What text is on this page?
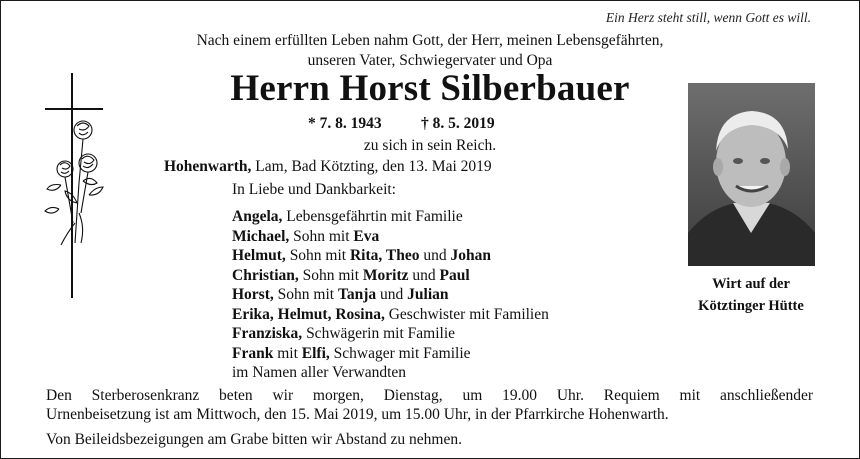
Ein Herz steht still, wenn Gott es will.
Nach einem erfüllten Leben nahm Gott, der Herr, meinen Lebensgefährten,
unseren Vater, Schwiegervater und Opa
Herrn Horst Silberbauer
* 7. 8. 1943	† 8. 5. 2019
zu sich in sein Reich.
Hohenwarth, Lam, Bad Kötzting, den 13. Mai 2019
In Liebe und Dankbarkeit:
Angela, Lebensgefährtin mit Familie
Michael, Sohn mit Eva
Helmut, Sohn mit Rita, Theo und Johan
Christian, Sohn mit Moritz und Paul
Horst, Sohn mit Tanja und Julian
Erika, Helmut, Rosina, Geschwister mit Familien
Franziska, Schwägerin mit Familie
Frank mit Elfi, Schwager mit Familie
im Namen aller Verwandten
Wirt auf der
Kötztinger Hütte
Den Sterberosenkranz beten wir morgen, Dienstag, um 19.00 Uhr. Requiem mit anschließender
Urnenbeisetzung ist am Mittwoch, den 15. Mai 2019, um 15.00 Uhr, in der Pfarrkirche Hohenwarth.
Von Beileidsbezeigungen am Grabe bitten wir Abstand zu nehmen.
